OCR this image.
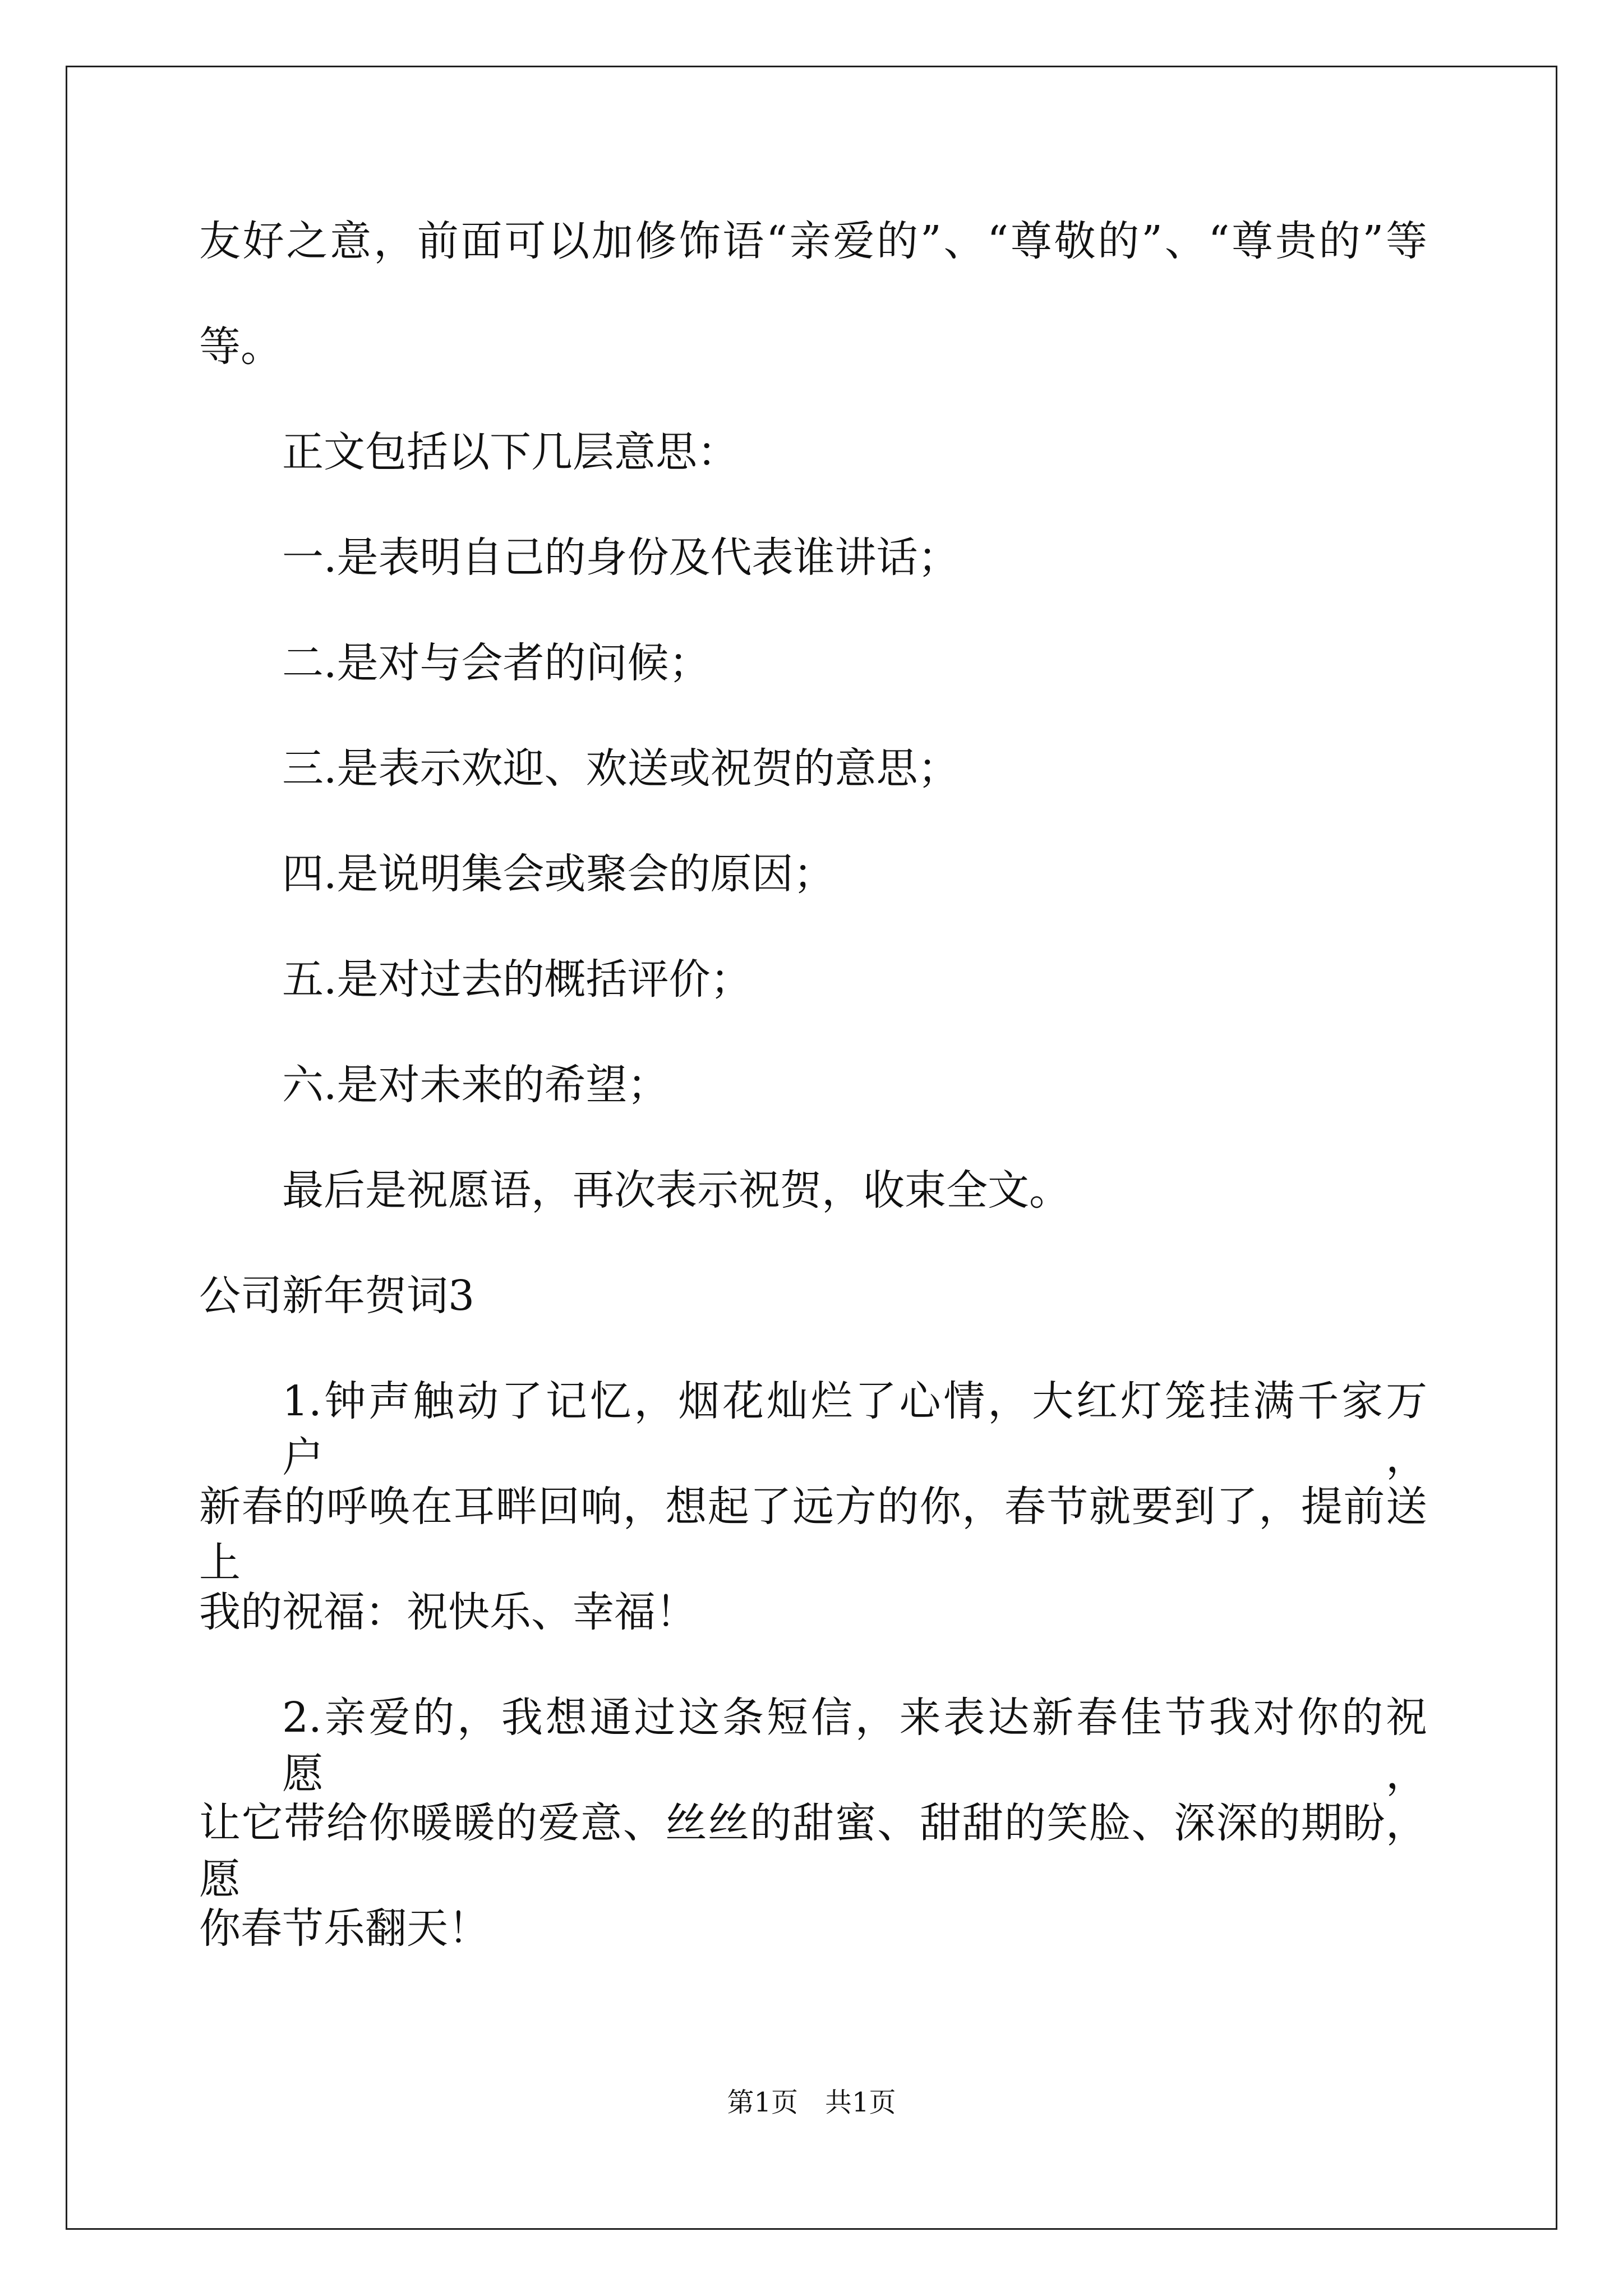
友好之意，前面可以加修饰语“亲爱的”、“尊敬的”、“尊贵的”等
等。
正文包括以下几层意思：
一.是表明自己的身份及代表谁讲话；
二.是对与会者的问候；
三.是表示欢迎、欢送或祝贺的意思；
四.是说明集会或聚会的原因；
五.是对过去的概括评价；
六.是对未来的希望；
最后是祝愿语，再次表示祝贺，收束全文。
公司新年贺词3
1.钟声触动了记忆，烟花灿烂了心情，大红灯笼挂满千家万户，
新春的呼唤在耳畔回响，想起了远方的你，春节就要到了，提前送上
我的祝福：祝快乐、幸福！
2.亲爱的，我想通过这条短信，来表达新春佳节我对你的祝愿，
让它带给你暖暖的爱意、丝丝的甜蜜、甜甜的笑脸、深深的期盼，愿
你春节乐翻天！
第1页　共1页
